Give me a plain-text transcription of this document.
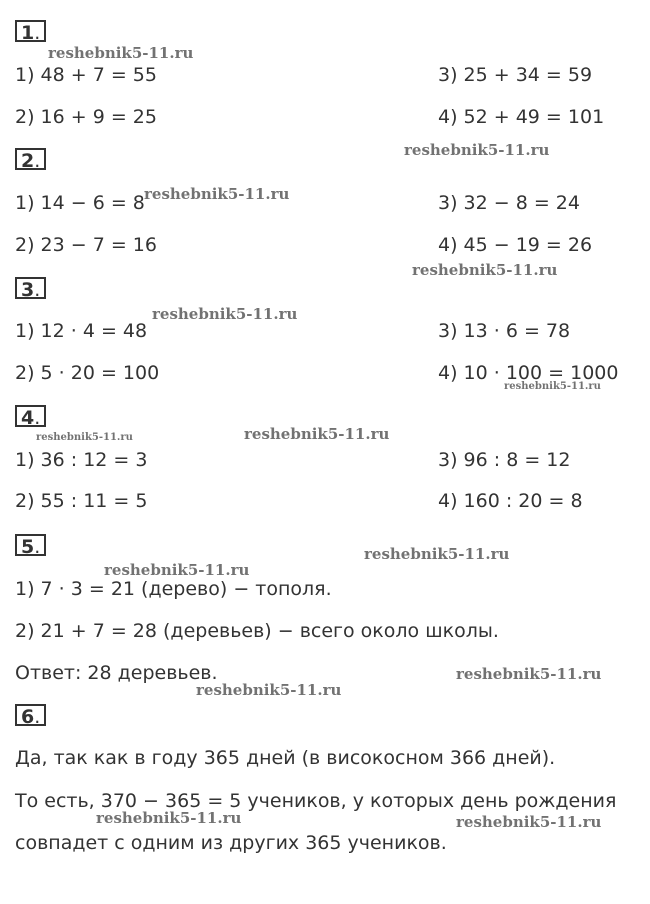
1.
1) 48 + 7 = 55	3) 25 + 34 = 59
2) 16 + 9 = 25	4) 52 + 49 = 101
2.
1) 14 − 6 = 8	3) 32 − 8 = 24
2) 23 − 7 = 16	4) 45 − 19 = 26
3.
1) 12 · 4 = 48	3) 13 · 6 = 78
2) 5 · 20 = 100	4) 10 · 100 = 1000
4.
1) 36 : 12 = 3	3) 96 : 8 = 12
2) 55 : 11 = 5	4) 160 : 20 = 8
5.
1) 7 · 3 = 21 (дерево) − тополя.
2) 21 + 7 = 28 (деревьев) − всего около школы.
Ответ: 28 деревьев.
6.
Да, так как в году 365 дней (в високосном 366 дней).
То есть, 370 − 365 = 5 учеников, у которых день рождения
совпадет с одним из других 365 учеников.
reshebnik5-11.ru
reshebnik5-11.ru
reshebnik5-11.ru
reshebnik5-11.ru
reshebnik5-11.ru
reshebnik5-11.ru
reshebnik5-11.ru	reshebnik5-11.ru
reshebnik5-11.ru
reshebnik5-11.ru
reshebnik5-11.ru
reshebnik5-11.ru
reshebnik5-11.ru	reshebnik5-11.ru
